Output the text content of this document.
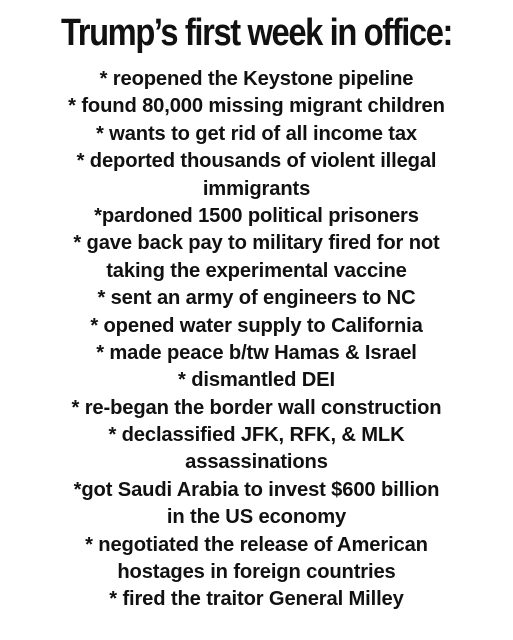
Trump’s first week in office:
* reopened the Keystone pipeline
* found 80,000 missing migrant children
* wants to get rid of all income tax
* deported thousands of violent illegal
immigrants
*pardoned 1500 political prisoners
* gave back pay to military fired for not
taking the experimental vaccine
* sent an army of engineers to NC
* opened water supply to California
* made peace b/tw Hamas & Israel
* dismantled DEI
* re-began the border wall construction
* declassified JFK, RFK, & MLK
assassinations
*got Saudi Arabia to invest $600 billion
in the US economy
* negotiated the release of American
hostages in foreign countries
* fired the traitor General Milley
